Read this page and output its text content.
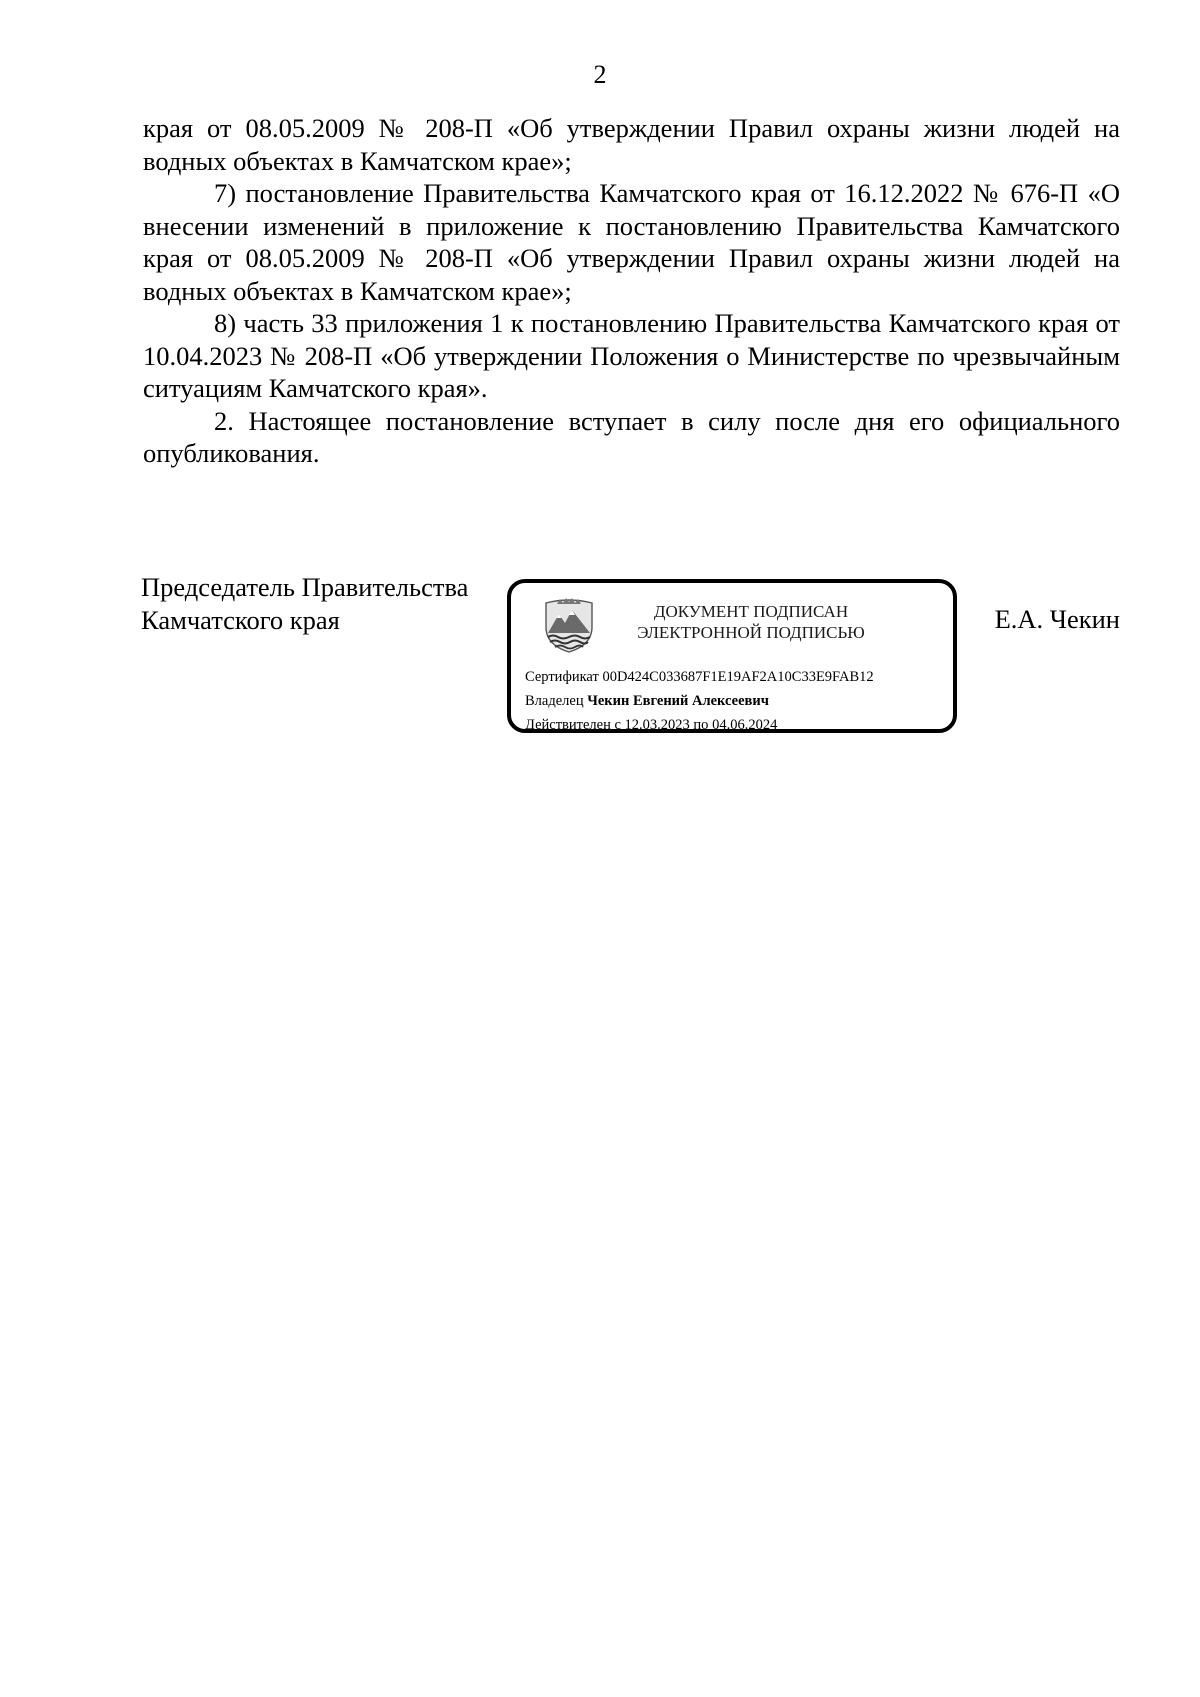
2

края от 08.05.2009 № 208-П «Об утверждении Правил охраны жизни людей на водных объектах в Камчатском крае»;

7) постановление Правительства Камчатского края от 16.12.2022 № 676-П «О внесении изменений в приложение к постановлению Правительства Камчатского края от 08.05.2009 № 208-П «Об утверждении Правил охраны жизни людей на водных объектах в Камчатском крае»;

8) часть 33 приложения 1 к постановлению Правительства Камчатского края от 10.04.2023 № 208-П «Об утверждении Положения о Министерстве по чрезвычайным ситуациям Камчатского края».

2. Настоящее постановление вступает в силу после дня его официального опубликования.

Председатель Правительства
Камчатского края	ДОКУМЕНТ ПОДПИСАН
ЭЛЕКТРОННОЙ ПОДПИСЬЮ
Сертификат 00D424C033687F1E19AF2A10C33E9FAB12
Владелец Чекин Евгений Алексеевич
Действителен с 12.03.2023 по 04.06.2024
Е.А. Чекин
